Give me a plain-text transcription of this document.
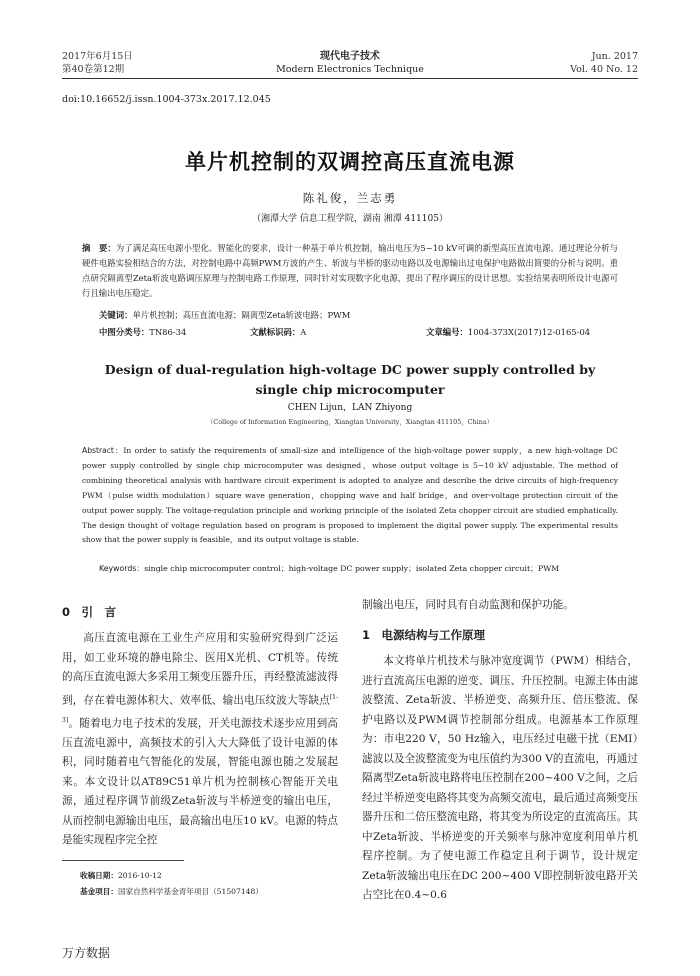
2017年6月15日
第40卷第12期
现代电子技术
Modern Electronics Technique
Jun. 2017
Vol. 40 No. 12
doi:10.16652/j.issn.1004-373x.2017.12.045
单片机控制的双调控高压直流电源
陈礼俊，兰志勇
（湘潭大学 信息工程学院，湖南 湘潭 411105）
摘　要：为了满足高压电源小型化、智能化的要求，设计一种基于单片机控制，输出电压为5~10 kV可调的新型高压直流电源。通过理论分析与硬件电路实验相结合的方法，对控制电路中高频PWM方波的产生、斩波与半桥的驱动电路以及电源输出过电保护电路做出简要的分析与说明。重点研究隔离型Zeta斩波电路调压原理与控制电路工作原理，同时针对实现数字化电源，提出了程序调压的设计思想。实验结果表明所设计电源可行且输出电压稳定。
关键词：单片机控制；高压直流电源；隔离型Zeta斩波电路；PWM
中图分类号：TN86-34	文献标识码：A	文章编号：1004-373X(2017)12-0165-04
Design of dual-regulation high-voltage DC power supply controlled by
single chip microcomputer
CHEN Lijun，LAN Zhiyong
（College of Information Engineering，Xiangtan University，Xiangtan 411105，China）
Abstract：In order to satisfy the requirements of small-size and intelligence of the high-voltage power supply，a new high-voltage DC power supply controlled by single chip microcomputer was designed，whose output voltage is 5~10 kV adjustable. The method of combining theoretical analysis with hardware circuit experiment is adopted to analyze and describe the drive circuits of high-frequency PWM（pulse width modulation）square wave generation，chopping wave and half bridge，and over-voltage protection circuit of the output power supply. The voltage-regulation principle and working principle of the isolated Zeta chopper circuit are studied emphatically. The design thought of voltage regulation based on program is proposed to implement the digital power supply. The experimental results show that the power supply is feasible，and its output voltage is stable.
Keywords：single chip microcomputer control；high-voltage DC power supply；isolated Zeta chopper circuit；PWM
0　引　言
高压直流电源在工业生产应用和实验研究得到广泛运用，如工业环境的静电除尘、医用X光机、CT机等。传统的高压直流电源大多采用工频变压器升压，再经整流滤波得到，存在着电源体积大、效率低、输出电压纹波大等缺点[1-3]。随着电力电子技术的发展，开关电源技术逐步应用到高压直流电源中，高频技术的引入大大降低了设计电源的体积，同时随着电气智能化的发展，智能电源也随之发展起来。本文设计以AT89C51单片机为控制核心智能开关电源，通过程序调节前级Zeta斩波与半桥逆变的输出电压，从而控制电源输出电压，最高输出电压10 kV。电源的特点是能实现程序完全控
制输出电压，同时具有自动监测和保护功能。
1　电源结构与工作原理
本文将单片机技术与脉冲宽度调节（PWM）相结合，进行直流高压电源的逆变、调压、升压控制。电源主体由滤波整流、Zeta斩波、半桥逆变、高频升压、倍压整流、保护电路以及PWM调节控制部分组成。电源基本工作原理为：市电220 V，50 Hz输入，电压经过电磁干扰（EMI）滤波以及全波整流变为电压值约为300 V的直流电，再通过隔离型Zeta斩波电路将电压控制在200~400 V之间，之后经过半桥逆变电路将其变为高频交流电，最后通过高频变压器升压和二倍压整流电路，将其变为所设定的直流高压。其中Zeta斩波、半桥逆变的开关频率与脉冲宽度利用单片机程序控制。为了使电源工作稳定且利于调节，设计规定Zeta斩波输出电压在DC 200~400 V即控制斩波电路开关占空比在0.4~0.6
收稿日期：2016-10-12
基金项目：国家自然科学基金青年项目（51507148）
万方数据
